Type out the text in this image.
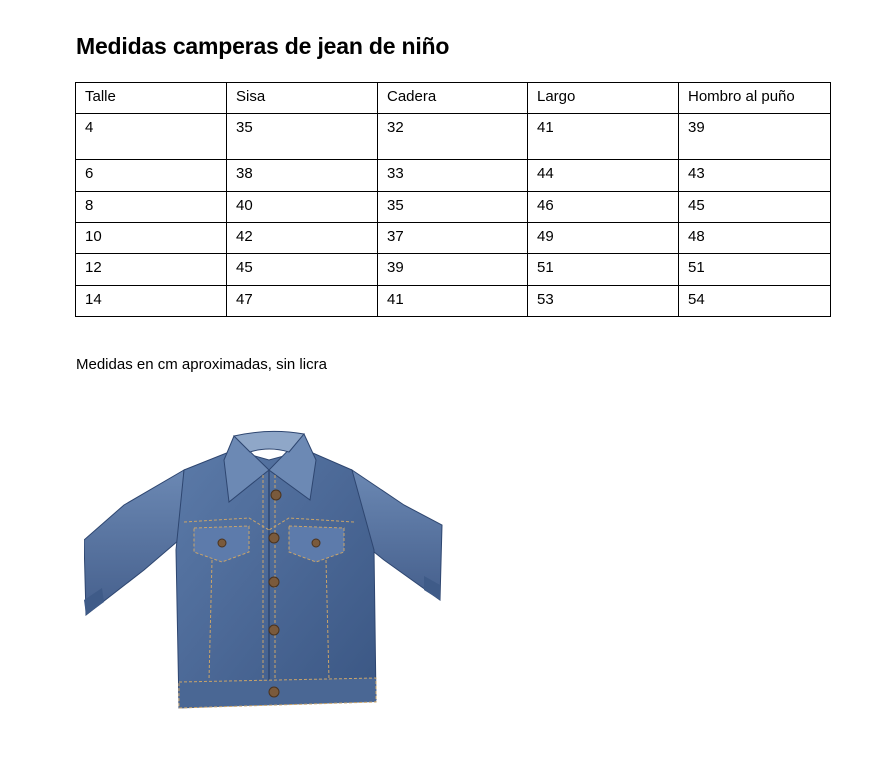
Medidas camperas de jean de niño
Talle	Sisa	Cadera	Largo	Hombro al puño
4	35	32	41	39
6	38	33	44	43
8	40	35	46	45
10	42	37	49	48
12	45	39	51	51
14	47	41	53	54
Medidas en cm aproximadas, sin licra
